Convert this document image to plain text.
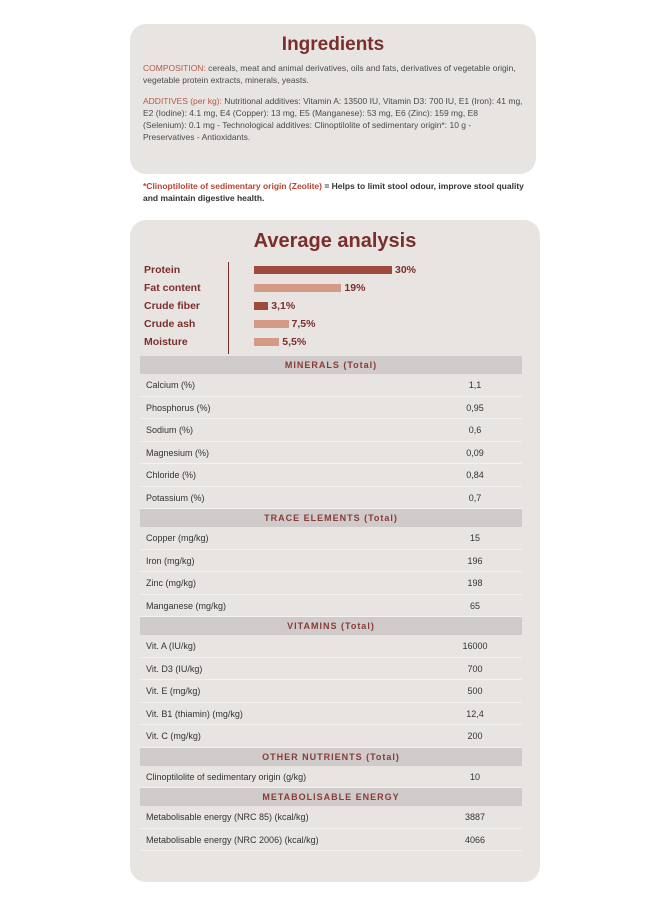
Ingredients

COMPOSITION: cereals, meat and animal derivatives, oils and fats, derivatives of vegetable origin, vegetable protein extracts, minerals, yeasts.

ADDITIVES (per kg): Nutritional additives: Vitamin A: 13500 IU, Vitamin D3: 700 IU, E1 (Iron): 41 mg, E2 (Iodine): 4.1 mg, E4 (Copper): 13 mg, E5 (Manganese): 53 mg, E6 (Zinc): 159 mg, E8 (Selenium): 0.1 mg - Technological additives: Clinoptilolite of sedimentary origin*: 10 g - Preservatives - Antioxidants.

*Clinoptilolite of sedimentary origin (Zeolite) = Helps to limit stool odour, improve stool quality and maintain digestive health.
Average analysis
Protein	30%
Fat content	19%
Crude fiber	3,1%
Crude ash	7,5%
Moisture	5,5%
MINERALS (Total)
Calcium (%)	1,1
Phosphorus (%)	0,95
Sodium (%)	0,6
Magnesium (%)	0,09
Chloride (%)	0,84
Potassium (%)	0,7
TRACE ELEMENTS (Total)
Copper (mg/kg)	15
Iron (mg/kg)	196
Zinc (mg/kg)	198
Manganese (mg/kg)	65
VITAMINS (Total)
Vit. A (IU/kg)	16000
Vit. D3 (IU/kg)	700
Vit. E (mg/kg)	500
Vit. B1 (thiamin) (mg/kg)	12,4
Vit. C (mg/kg)	200
OTHER NUTRIENTS (Total)
Clinoptilolite of sedimentary origin (g/kg)	10
METABOLISABLE ENERGY
Metabolisable energy (NRC 85) (kcal/kg)	3887
Metabolisable energy (NRC 2006) (kcal/kg)	4066
